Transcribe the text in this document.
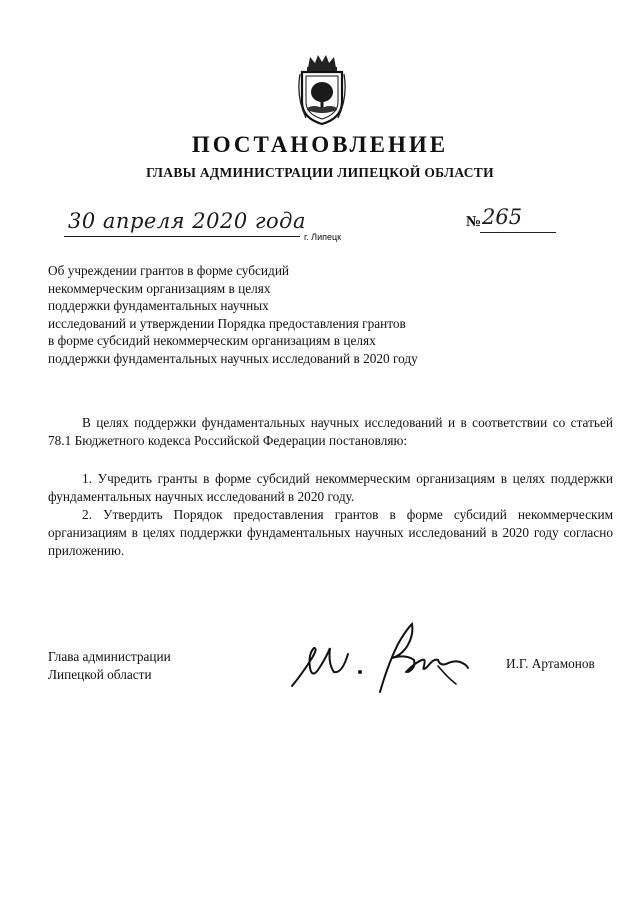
ПОСТАНОВЛЕНИЕ
ГЛАВЫ АДМИНИСТРАЦИИ ЛИПЕЦКОЙ ОБЛАСТИ
30 апреля 2020 года
г. Липецк
№ 265
Об учреждении грантов в форме субсидий
некоммерческим организациям в целях
поддержки фундаментальных научных
исследований и утверждении Порядка предоставления грантов
в форме субсидий некоммерческим организациям в целях
поддержки фундаментальных научных исследований в 2020 году
В целях поддержки фундаментальных научных исследований и в соответствии со статьей 78.1 Бюджетного кодекса Российской Федерации постановляю:
1. Учредить гранты в форме субсидий некоммерческим организациям в целях поддержки фундаментальных научных исследований в 2020 году.
2. Утвердить Порядок предоставления грантов в форме субсидий некоммерческим организациям в целях поддержки фундаментальных научных исследований в 2020 году согласно приложению.
Глава администрации
Липецкой области
И.Г. Артамонов
